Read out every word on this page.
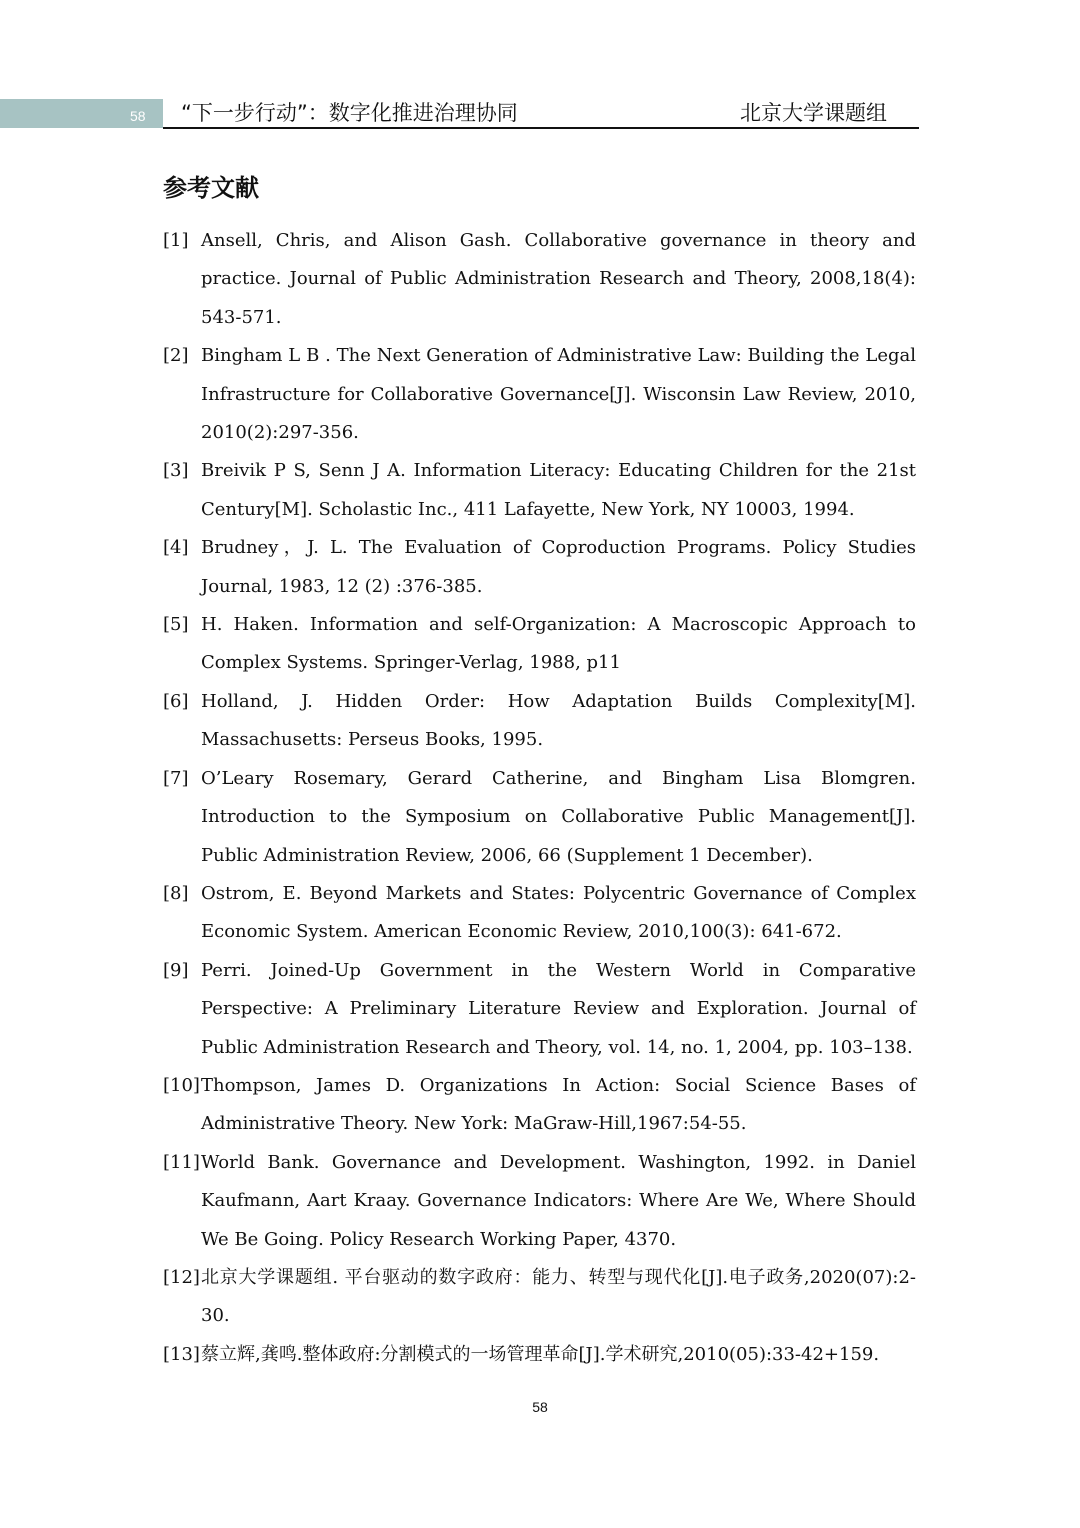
58	“下一步行动”：数字化推进治理协同	北京大学课题组
参考文献
[1] Ansell, Chris, and Alison Gash. Collaborative governance in theory and practice. Journal of Public Administration Research and Theory, 2008,18(4): 543-571.
[2] Bingham L B . The Next Generation of Administrative Law: Building the Legal Infrastructure for Collaborative Governance[J]. Wisconsin Law Review, 2010, 2010(2):297-356.
[3] Breivik P S, Senn J A. Information Literacy: Educating Children for the 21st Century[M]. Scholastic Inc., 411 Lafayette, New York, NY 10003, 1994.
[4] Brudney，J. L. The Evaluation of Coproduction Programs. Policy Studies Journal, 1983, 12 (2) :376-385.
[5] H. Haken. Information and self-Organization: A Macroscopic Approach to Complex Systems. Springer-Verlag, 1988, p11
[6] Holland, J. Hidden Order: How Adaptation Builds Complexity[M]. Massachusetts: Perseus Books, 1995.
[7] O’Leary Rosemary, Gerard Catherine, and Bingham Lisa Blomgren. Introduction to the Symposium on Collaborative Public Management[J]. Public Administration Review, 2006, 66 (Supplement 1 December).
[8] Ostrom, E. Beyond Markets and States: Polycentric Governance of Complex Economic System. American Economic Review, 2010,100(3): 641-672.
[9] Perri. Joined-Up Government in the Western World in Comparative Perspective: A Preliminary Literature Review and Exploration. Journal of Public Administration Research and Theory, vol. 14, no. 1, 2004, pp. 103–138.
[10] Thompson, James D. Organizations In Action: Social Science Bases of Administrative Theory. New York: MaGraw-Hill,1967:54-55.
[11] World Bank. Governance and Development. Washington, 1992. in Daniel Kaufmann, Aart Kraay. Governance Indicators: Where Are We, Where Should We Be Going. Policy Research Working Paper, 4370.
[12] 北京大学课题组. 平台驱动的数字政府：能力、转型与现代化[J].电子政务,2020(07):2-30.
[13] 蔡立辉,龚鸣.整体政府:分割模式的一场管理革命[J].学术研究,2010(05):33-42+159.
58
